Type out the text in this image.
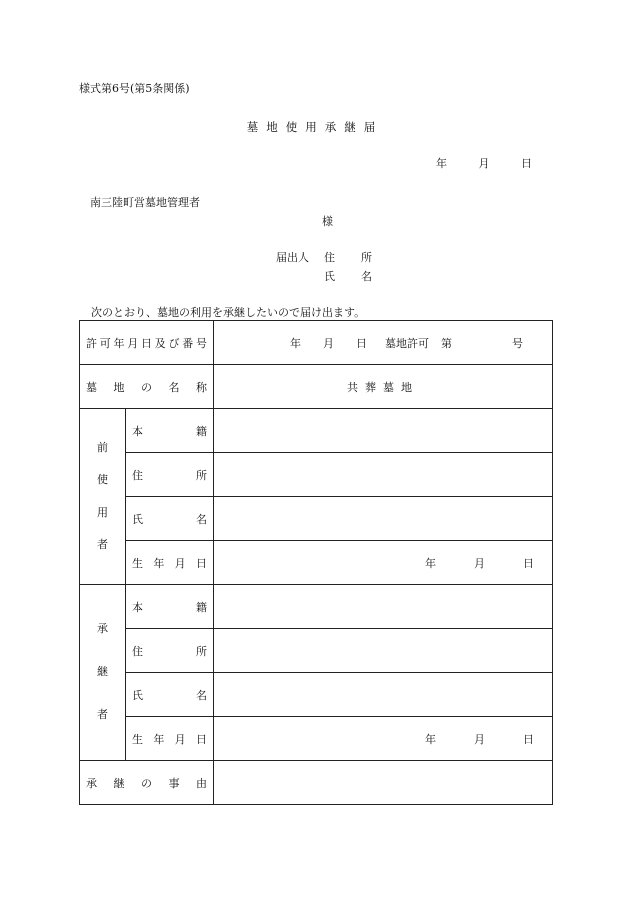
様式第6号(第5条関係)
墓地使用承継届
年 月 日
南三陸町営墓地管理者
様
届出人 住所
氏名
次のとおり、墓地の利用を承継したいので届け出ます。
許可年月日及び番号		年 月 日 墓地許可 第 号
墓地の名称		共葬墓地

前使用者	本籍	
	住所	
	氏名	
	生年月日	年 月 日

承継者	本籍	
	住所	
	氏名	
	生年月日	年 月 日
承継の事由		
